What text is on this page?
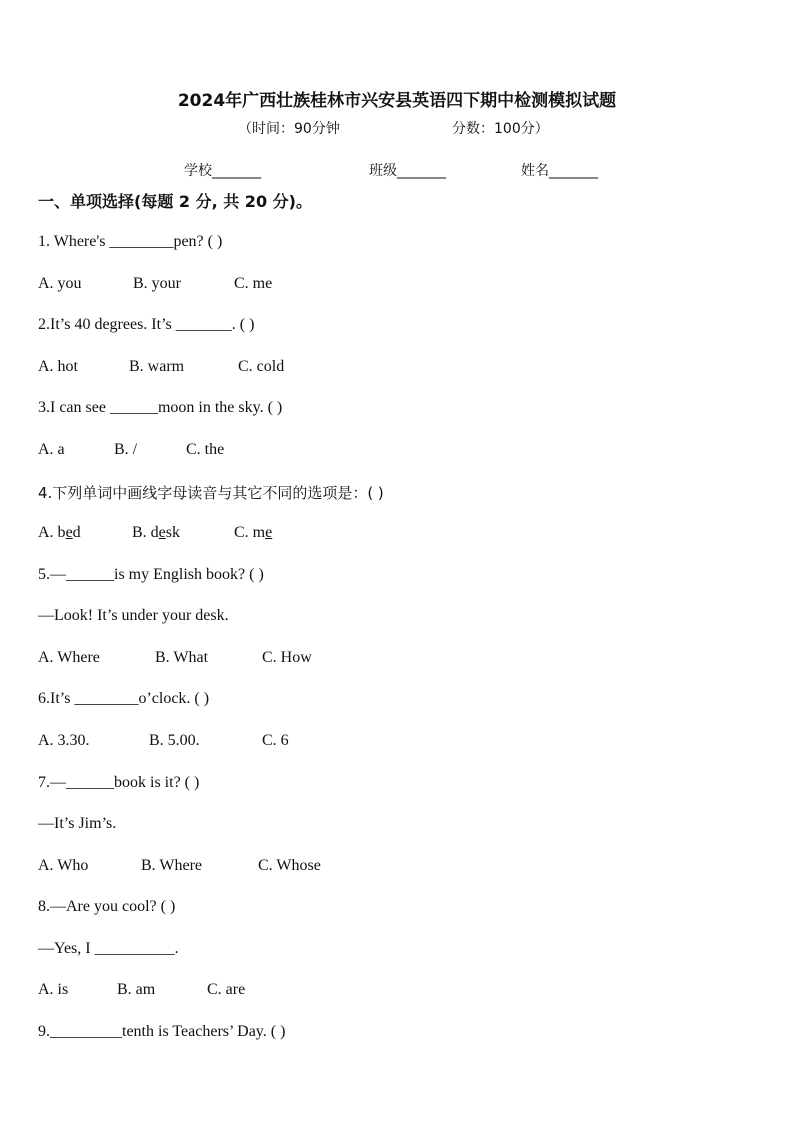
2024年广西壮族桂林市兴安县英语四下期中检测模拟试题
（时间：90分钟	分数：100分）
学校_______	班级_______	姓名_______
一、单项选择(每题 2 分, 共 20 分)。
1. Where's ________pen? ( )
A. you	B. your	C. me
2.It’s 40 degrees. It’s _______. ( )
A. hot	B. warm	C. cold
3.I can see ______moon in the sky. ( )
A. a	B. /	C. the
4.下列单词中画线字母读音与其它不同的选项是：( )
A. bed	B. desk	C. me
5.—______is my English book? ( )
—Look! It’s under your desk.
A. Where	B. What	C. How
6.It’s ________o’clock. ( )
A. 3.30.	B. 5.00.	C. 6
7.—______book is it? ( )
—It’s Jim’s.
A. Who	B. Where	C. Whose
8.—Are you cool? ( )
—Yes, I __________.
A. is	B. am	C. are
9._________tenth is Teachers’ Day. ( )
